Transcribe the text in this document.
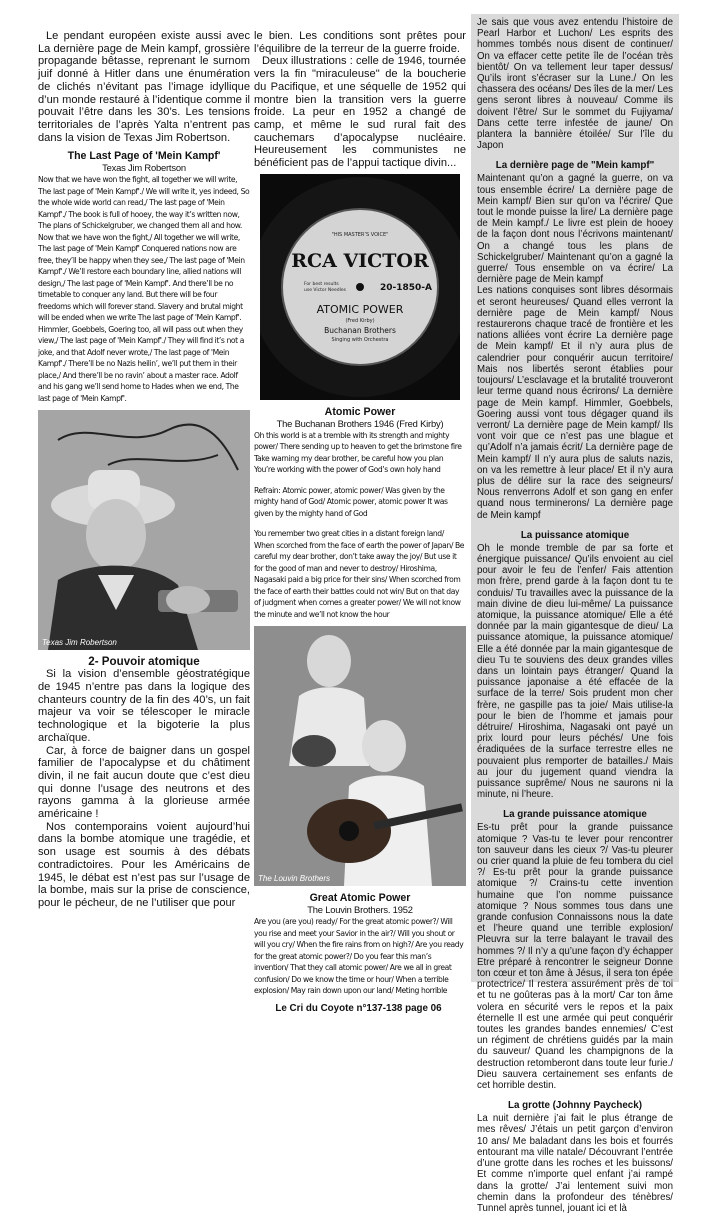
Le pendant européen existe aussi avec La dernière page de Mein kampf, grossière propagande bêtasse, reprenant le surnom juif donné à Hitler dans une énumération de clichés n’évitant pas l’image idyllique d’un monde restauré à l’identique comme il pouvait l’être dans les 30’s. Les tensions territoriales de l’après Yalta n’entrent pas dans la vision de Texas Jim Robertson.

The Last Page of 'Mein Kampf'
Texas Jim Robertson

Now that we have won the fight, all together we will write, The last page of 'Mein Kampf'./ We will write it, yes indeed, So the whole wide world can read,/ The last page of 'Mein Kampf'./ The book is full of hooey, the way it’s written now, The plans of Schickelgruber, we changed them all and how. Now that we have won the fight,/ All together we will write, The last page of 'Mein Kampf' Conquered nations now are free, they’ll be happy when they see,/ The last page of 'Mein Kampf'./ We’ll restore each boundary line, allied nations will design,/ The last page of 'Mein Kampf'. And there’ll be no timetable to conquer any land. But there will be four freedoms which will forever stand. Slavery and brutal might will be ended when we write The last page of 'Mein Kampf'. Himmler, Goebbels, Goering too, all will pass out when they view,/ The last page of 'Mein Kampf'./ They will find it’s not a joke, and that Adolf never wrote,/ The last page of 'Mein Kampf'./ There’ll be no Nazis heilin’, we’ll put them in their place,/ And there’ll be no ravin’ about a master race. Adolf and his gang we’ll send home to Hades when we end, The last page of 'Mein Kampf'.

Texas Jim Robertson
2- Pouvoir atomique

Si la vision d’ensemble géostratégique de 1945 n’entre pas dans la logique des chanteurs country de la fin des 40’s, un fait majeur va voir se télescoper le miracle technologique et la bigoterie la plus archaïque.

Car, à force de baigner dans un gospel familier de l’apocalypse et du châtiment divin, il ne fait aucun doute que c’est dieu qui donne l’usage des neutrons et des rayons gamma à la glorieuse armée américaine !

Nos contemporains voient aujourd’hui dans la bombe atomique une tragédie, et son usage est soumis à des débats contradictoires. Pour les Américains de 1945, le débat est n’est pas sur l’usage de la bombe, mais sur la prise de conscience, pour le pécheur, de ne l’utiliser que pour

le bien. Les conditions sont prêtes pour l’équilibre de la terreur de la guerre froide.

Deux illustrations : celle de 1946, tournée vers la fin "miraculeuse" de la boucherie du Pacifique, et une séquelle de 1952 qui montre bien la transition vers la guerre froide. La peur en 1952 a changé de camp, et même le sud rural fait des cauchemars d’apocalypse nucléaire. Heureusement les communistes ne bénéficient pas de l’appui tactique divin...

"HIS MASTER’S VOICE"
RCA VICTOR
For best results
use Victor Needles	20-1850-A
ATOMIC POWER
(Fred Kirby)
Buchanan Brothers
Singing with Orchestra
Atomic Power
The Buchanan Brothers 1946 (Fred Kirby)

Oh this world is at a tremble with its strength and mighty power/ There sending up to heaven to get the brimstone fire Take warning my dear brother, be careful how you plan You’re working with the power of God’s own holy hand

Refrain: Atomic power, atomic power/ Was given by the mighty hand of God/ Atomic power, atomic power It was given by the mighty hand of God

You remember two great cities in a distant foreign land/ When scorched from the face of earth the power of Japan/ Be careful my dear brother, don’t take away the joy/ But use it for the good of man and never to destroy/ Hiroshima, Nagasaki paid a big price for their sins/ When scorched from the face of earth their battles could not win/ But on that day of judgment when comes a greater power/ We will not know the minute and we’ll not know the hour

The Louvin Brothers
Great Atomic Power
The Louvin Brothers. 1952

Are you (are you) ready/ For the great atomic power?/ Will you rise and meet your Savior in the air?/ Will you shout or will you cry/ When the fire rains from on high?/ Are you ready for the great atomic power?/ Do you fear this man’s invention/ That they call atomic power/ Are we all in great confusion/ Do we know the time or hour/ When a terrible explosion/ May rain down upon our land/ Meting horrible

Je sais que vous avez entendu l’histoire de Pearl Harbor et Luchon/ Les esprits des hommes tombés nous disent de continuer/ On va effacer cette petite île de l’océan très bientôt/ On va tellement leur taper dessus/ Qu’ils iront s’écraser sur la Lune./ On les chassera des océans/ Des îles de la mer/ Les gens seront libres à nouveau/ Comme ils doivent l’être/ Sur le sommet du Fujiyama/ Dans cette terre infestée de jaune/ On plantera la bannière étoilée/ Sur l’île du Japon

La dernière page de "Mein kampf"

Maintenant qu’on a gagné la guerre, on va tous ensemble écrire/ La dernière page de Mein kampf/ Bien sur qu’on va l’écrire/ Que tout le monde puisse la lire/ La dernière page de Mein kampf./ Le livre est plein de hooey de la façon dont nous l’écrivons maintenant/ On a changé tous les plans de Schickelgruber/ Maintenant qu’on a gagné la guerre/ Tous ensemble on va écrire/ La dernière page de Mein kampf

Les nations conquises sont libres désormais et seront heureuses/ Quand elles verront la dernière page de Mein kampf/ Nous restaurerons chaque tracé de frontière et les nations alliées vont écrire La dernière page de Mein kampf/ Et il n’y aura plus de calendrier pour conquérir aucun territoire/ Mais nos libertés seront établies pour toujours/ L’esclavage et la brutalité trouveront leur terme quand nous écrirons/ La dernière page de Mein kampf. Himmler, Goebbels, Goering aussi vont tous dégager quand ils verront/ La dernière page de Mein kampf/ Ils vont voir que ce n’est pas une blague et qu’Adolf n’a jamais écrit/ La dernière page de Mein kampf/ Il n’y aura plus de saluts nazis, on va les remettre à leur place/ Et il n’y aura plus de délire sur la race des seigneurs/ Nous renverrons Adolf et son gang en enfer quand nous terminerons/ La dernière page de Mein kampf

La puissance atomique

Oh le monde tremble de par sa forte et énergique puissance/ Qu’ils envoient au ciel pour avoir le feu de l’enfer/ Fais attention mon frère, prend garde à la façon dont tu te conduis/ Tu travailles avec la puissance de la main divine de dieu lui-même/ La puissance atomique, la puissance atomique/ Elle a été donnée par la main gigantesque de dieu/ La puissance atomique, la puissance atomique/ Elle a été donnée par la main gigantesque de dieu Tu te souviens des deux grandes villes dans un lointain pays étranger/ Quand la puissance japonaise a été effacée de la surface de la terre/ Sois prudent mon cher frère, ne gaspille pas ta joie/ Mais utilise-la pour le bien de l’homme et jamais pour détruire/ Hiroshima, Nagasaki ont payé un prix lourd pour leurs péchés/ Une fois éradiquées de la surface terrestre elles ne pouvaient plus remporter de batailles./ Mais au jour du jugement quand viendra la puissance suprême/ Nous ne saurons ni la minute, ni l’heure.

La grande puissance atomique

Es-tu prêt pour la grande puissance atomique ? Vas-tu te lever pour rencontrer ton sauveur dans les cieux ?/ Vas-tu pleurer ou crier quand la pluie de feu tombera du ciel ?/ Es-tu prêt pour la grande puissance atomique ?/ Crains-tu cette invention humaine que l’on nomme puissance atomique ? Nous sommes tous dans une grande confusion Connaissons nous la date et l’heure quand une terrible explosion/ Pleuvra sur la terre balayant le travail des hommes ?/ Il n’y a qu’une façon d’y échapper Etre préparé à rencontrer le seigneur Donne ton cœur et ton âme à Jésus, il sera ton épée protectrice/ Il restera assurément près de toi et tu ne goûteras pas à la mort/ Car ton âme volera en sécurité vers le repos et la paix éternelle Il est une armée qui peut conquérir toutes les grandes bandes ennemies/ C’est un régiment de chrétiens guidés par la main du sauveur/ Quand les champignons de la destruction retomberont dans toute leur furie./ Dieu sauvera certainement ses enfants de cet horrible destin.

La grotte (Johnny Paycheck)

La nuit dernière j’ai fait le plus étrange de mes rêves/ J’étais un petit garçon d’environ 10 ans/ Me baladant dans les bois et fourrés entourant ma ville natale/ Découvrant l’entrée d’une grotte dans les roches et les buissons/ Et comme n’importe quel enfant j’ai rampé dans la grotte/ J’ai lentement suivi mon chemin dans la profondeur des ténèbres/ Tunnel après tunnel, jouant ici et là

Le Cri du Coyote n°137-138 page 06
